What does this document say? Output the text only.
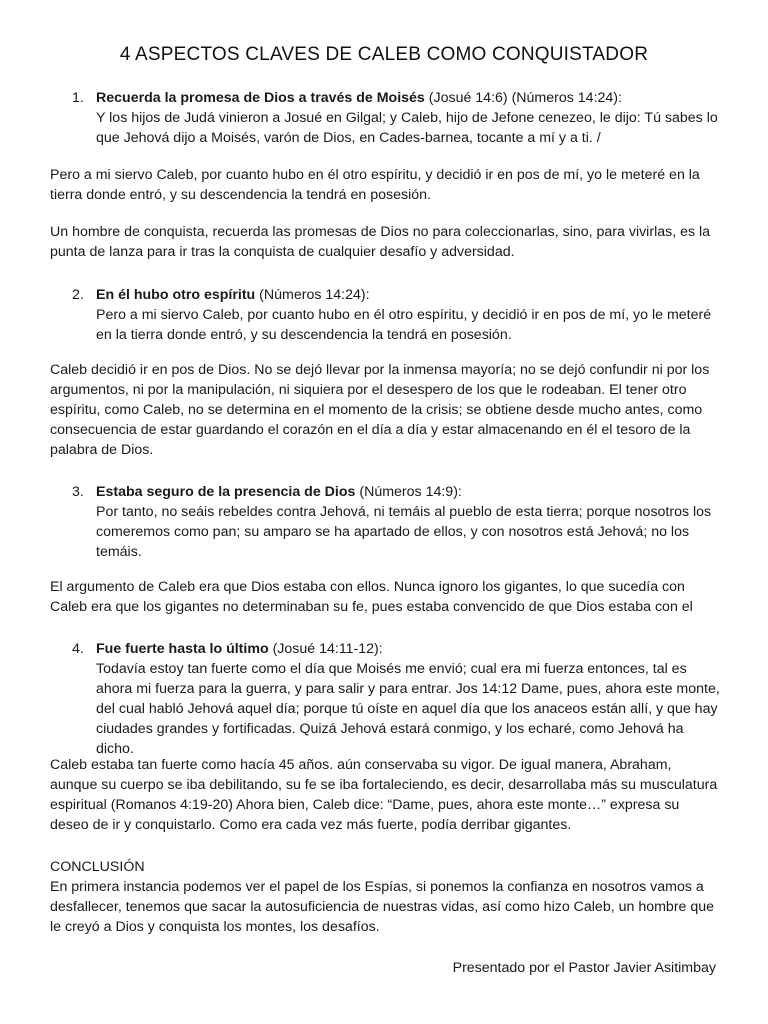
4 ASPECTOS CLAVES DE CALEB COMO CONQUISTADOR
1. Recuerda la promesa de Dios a través de Moisés (Josué 14:6) (Números 14:24):
Y los hijos de Judá vinieron a Josué en Gilgal; y Caleb, hijo de Jefone cenezeo, le dijo: Tú sabes lo que Jehová dijo a Moisés, varón de Dios, en Cades-barnea, tocante a mí y a ti. /
Pero a mi siervo Caleb, por cuanto hubo en él otro espíritu, y decidió ir en pos de mí, yo le meteré en la tierra donde entró, y su descendencia la tendrá en posesión.
Un hombre de conquista, recuerda las promesas de Dios no para coleccionarlas, sino, para vivirlas, es la punta de lanza para ir tras la conquista de cualquier desafío y adversidad.
2. En él hubo otro espíritu (Números 14:24):
Pero a mi siervo Caleb, por cuanto hubo en él otro espíritu, y decidió ir en pos de mí, yo le meteré en la tierra donde entró, y su descendencia la tendrá en posesión.
Caleb decidió ir en pos de Dios. No se dejó llevar por la inmensa mayoría; no se dejó confundir ni por los argumentos, ni por la manipulación, ni siquiera por el desespero de los que le rodeaban. El tener otro espíritu, como Caleb, no se determina en el momento de la crisis; se obtiene desde mucho antes, como consecuencia de estar guardando el corazón en el día a día y estar almacenando en él el tesoro de la palabra de Dios.
3. Estaba seguro de la presencia de Dios (Números 14:9):
Por tanto, no seáis rebeldes contra Jehová, ni temáis al pueblo de esta tierra; porque nosotros los comeremos como pan; su amparo se ha apartado de ellos, y con nosotros está Jehová; no los temáis.
El argumento de Caleb era que Dios estaba con ellos. Nunca ignoro los gigantes, lo que sucedía con Caleb era que los gigantes no determinaban su fe, pues estaba convencido de que Dios estaba con el
4. Fue fuerte hasta lo último (Josué 14:11-12):
Todavía estoy tan fuerte como el día que Moisés me envió; cual era mi fuerza entonces, tal es ahora mi fuerza para la guerra, y para salir y para entrar. Jos 14:12 Dame, pues, ahora este monte, del cual habló Jehová aquel día; porque tú oíste en aquel día que los anaceos están allí, y que hay ciudades grandes y fortificadas. Quizá Jehová estará conmigo, y los echaré, como Jehová ha dicho.
Caleb estaba tan fuerte como hacía 45 años. aún conservaba su vigor. De igual manera, Abraham, aunque su cuerpo se iba debilitando, su fe se iba fortaleciendo, es decir, desarrollaba más su musculatura espiritual (Romanos 4:19-20) Ahora bien, Caleb dice: “Dame, pues, ahora este monte…” expresa su deseo de ir y conquistarlo. Como era cada vez más fuerte, podía derribar gigantes.
CONCLUSIÓN
En primera instancia podemos ver el papel de los Espías, si ponemos la confianza en nosotros vamos a desfallecer, tenemos que sacar la autosuficiencia de nuestras vidas, así como hizo Caleb, un hombre que le creyó a Dios y conquista los montes, los desafíos.
Presentado por el Pastor Javier Asitimbay
